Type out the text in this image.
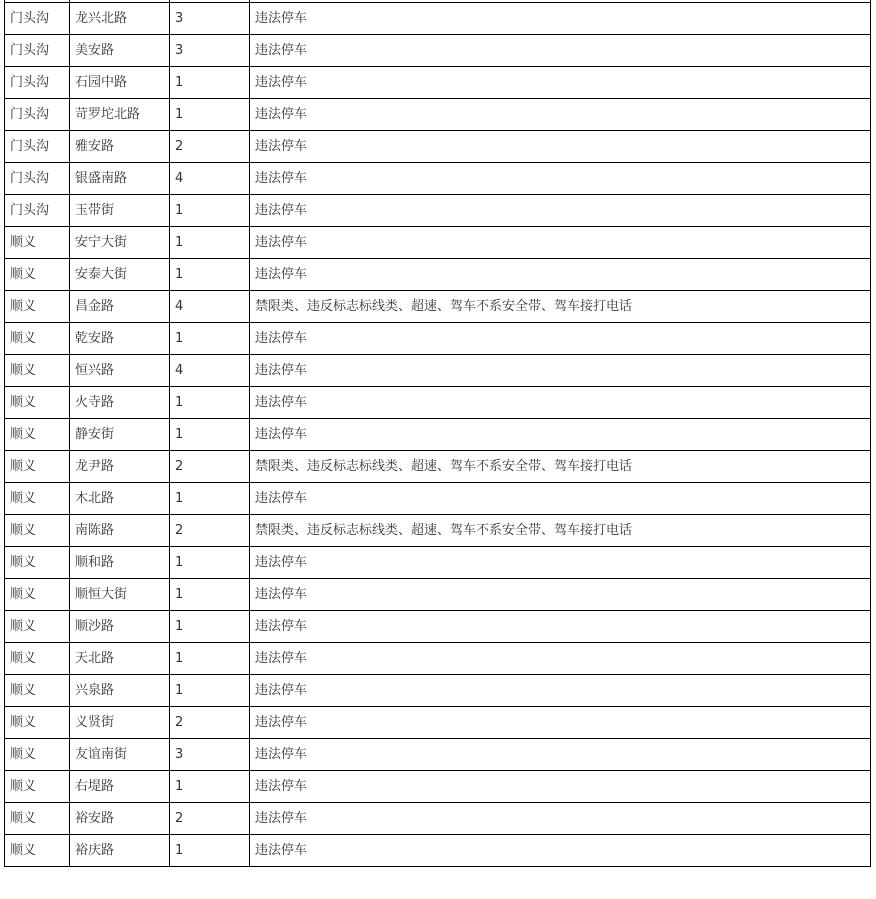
门头沟	龙兴北路	3	违法停车
门头沟	美安路	3	违法停车
门头沟	石园中路	1	违法停车
门头沟	苛罗坨北路	1	违法停车
门头沟	雅安路	2	违法停车
门头沟	银盛南路	4	违法停车
门头沟	玉带街	1	违法停车
顺义	安宁大街	1	违法停车
顺义	安泰大街	1	违法停车
顺义	昌金路	4	禁限类、违反标志标线类、超速、驾车不系安全带、驾车接打电话
顺义	乾安路	1	违法停车
顺义	恒兴路	4	违法停车
顺义	火寺路	1	违法停车
顺义	静安街	1	违法停车
顺义	龙尹路	2	禁限类、违反标志标线类、超速、驾车不系安全带、驾车接打电话
顺义	木北路	1	违法停车
顺义	南陈路	2	禁限类、违反标志标线类、超速、驾车不系安全带、驾车接打电话
顺义	顺和路	1	违法停车
顺义	顺恒大街	1	违法停车
顺义	顺沙路	1	违法停车
顺义	天北路	1	违法停车
顺义	兴泉路	1	违法停车
顺义	义贤街	2	违法停车
顺义	友谊南街	3	违法停车
顺义	右堤路	1	违法停车
顺义	裕安路	2	违法停车
顺义	裕庆路	1	违法停车
